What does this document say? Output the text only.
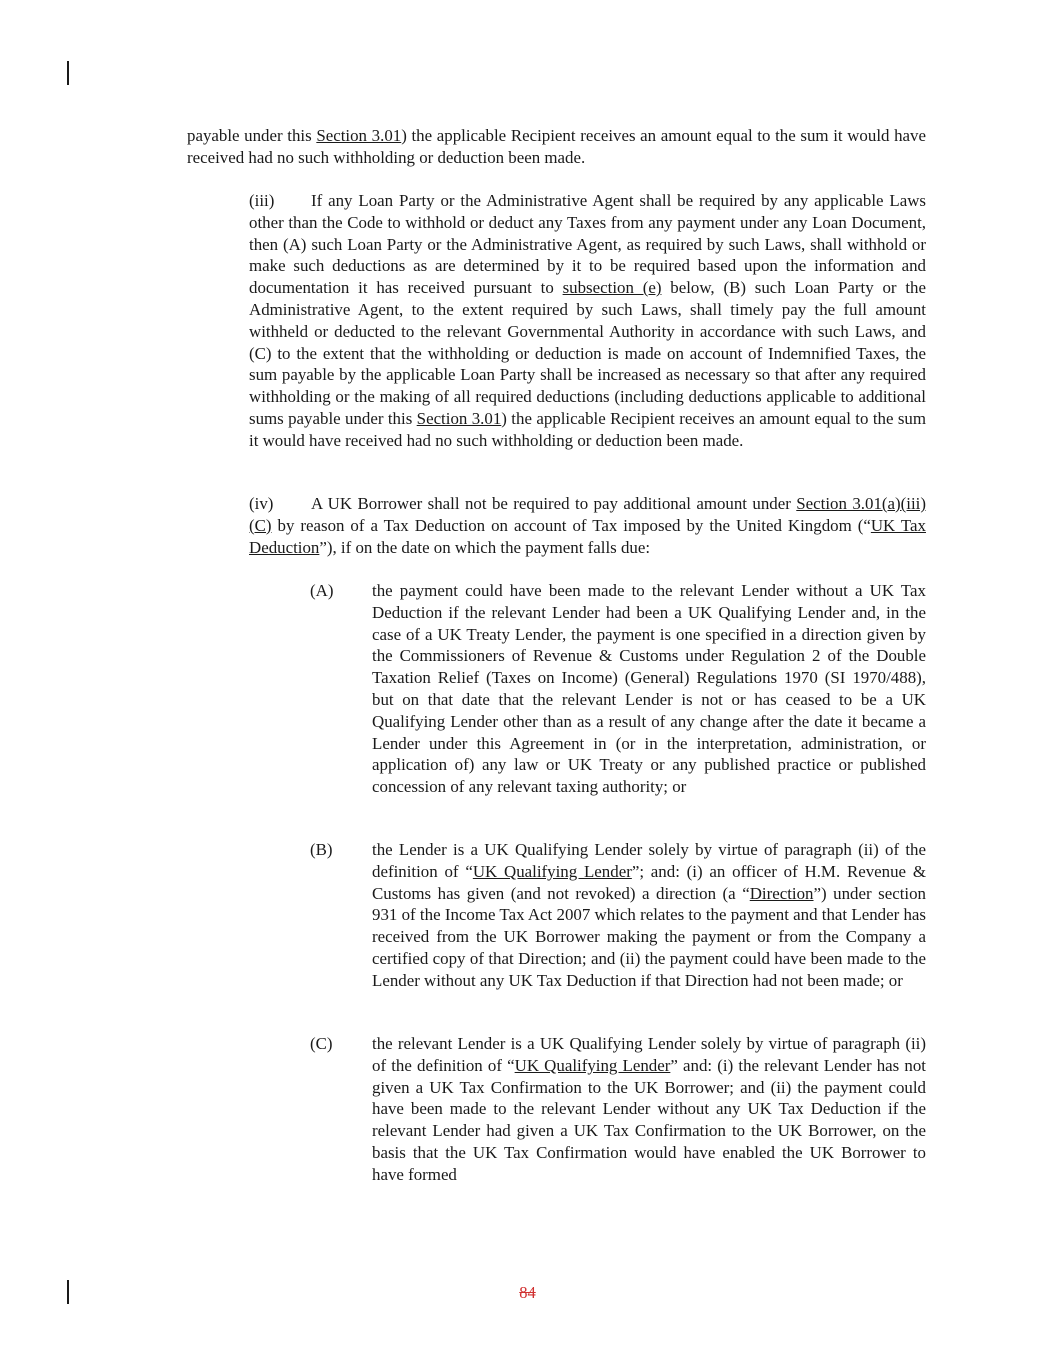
payable under this Section 3.01) the applicable Recipient receives an amount equal to the sum it would have received had no such withholding or deduction been made.
(iii) If any Loan Party or the Administrative Agent shall be required by any applicable Laws other than the Code to withhold or deduct any Taxes from any payment under any Loan Document, then (A) such Loan Party or the Administrative Agent, as required by such Laws, shall withhold or make such deductions as are determined by it to be required based upon the information and documentation it has received pursuant to subsection (e) below, (B) such Loan Party or the Administrative Agent, to the extent required by such Laws, shall timely pay the full amount withheld or deducted to the relevant Governmental Authority in accordance with such Laws, and (C) to the extent that the withholding or deduction is made on account of Indemnified Taxes, the sum payable by the applicable Loan Party shall be increased as necessary so that after any required withholding or the making of all required deductions (including deductions applicable to additional sums payable under this Section 3.01) the applicable Recipient receives an amount equal to the sum it would have received had no such withholding or deduction been made.
(iv) A UK Borrower shall not be required to pay additional amount under Section 3.01(a)(iii)(C) by reason of a Tax Deduction on account of Tax imposed by the United Kingdom (“UK Tax Deduction”), if on the date on which the payment falls due:
(A) the payment could have been made to the relevant Lender without a UK Tax Deduction if the relevant Lender had been a UK Qualifying Lender and, in the case of a UK Treaty Lender, the payment is one specified in a direction given by the Commissioners of Revenue & Customs under Regulation 2 of the Double Taxation Relief (Taxes on Income) (General) Regulations 1970 (SI 1970/488), but on that date that the relevant Lender is not or has ceased to be a UK Qualifying Lender other than as a result of any change after the date it became a Lender under this Agreement in (or in the interpretation, administration, or application of) any law or UK Treaty or any published practice or published concession of any relevant taxing authority; or
(B) the Lender is a UK Qualifying Lender solely by virtue of paragraph (ii) of the definition of “UK Qualifying Lender”; and: (i) an officer of H.M. Revenue & Customs has given (and not revoked) a direction (a “Direction”) under section 931 of the Income Tax Act 2007 which relates to the payment and that Lender has received from the UK Borrower making the payment or from the Company a certified copy of that Direction; and (ii) the payment could have been made to the Lender without any UK Tax Deduction if that Direction had not been made; or
(C) the relevant Lender is a UK Qualifying Lender solely by virtue of paragraph (ii) of the definition of “UK Qualifying Lender” and: (i) the relevant Lender has not given a UK Tax Confirmation to the UK Borrower; and (ii) the payment could have been made to the relevant Lender without any UK Tax Deduction if the relevant Lender had given a UK Tax Confirmation to the UK Borrower, on the basis that the UK Tax Confirmation would have enabled the UK Borrower to have formed
84
